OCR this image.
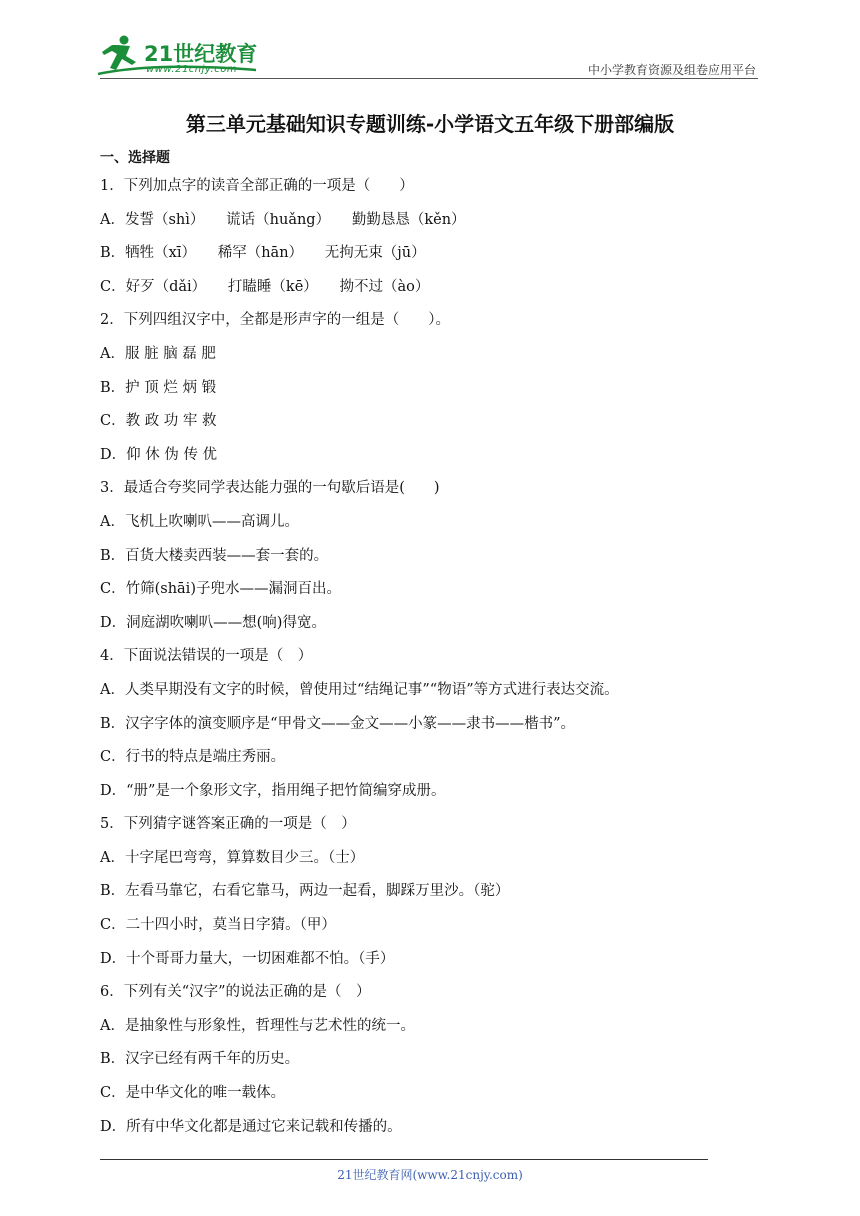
21世纪教育
www.21cnjy.com	中小学教育资源及组卷应用平台
第三单元基础知识专题训练-小学语文五年级下册部编版
一、选择题
1．下列加点字的读音全部正确的一项是（　　）
A．发誓（shì）　　谎话（huǎng）　　勤勤恳恳（kěn）
B．牺牲（xī）　　稀罕（hān）　　无拘无束（jū）
C．好歹（dǎi）　　打瞌睡（kē）　　拗不过（ào）
2．下列四组汉字中，全都是形声字的一组是（　　）。
A．服 脏 脑 磊 肥
B．护 顶 烂 炳 锻
C．教 政 功 牢 救
D．仰 休 伪 传 优
3．最适合夸奖同学表达能力强的一句歇后语是(　　)
A．飞机上吹喇叭——高调儿。
B．百货大楼卖西装——套一套的。
C．竹筛(shāi)子兜水——漏洞百出。
D．洞庭湖吹喇叭——想(响)得宽。
4．下面说法错误的一项是（　）
A．人类早期没有文字的时候，曾使用过“结绳记事”“物语”等方式进行表达交流。
B．汉字字体的演变顺序是“甲骨文——金文——小篆——隶书——楷书”。
C．行书的特点是端庄秀丽。
D．“册”是一个象形文字，指用绳子把竹简编穿成册。
5．下列猜字谜答案正确的一项是（　）
A．十字尾巴弯弯，算算数目少三。（士）
B．左看马靠它，右看它靠马，两边一起看，脚踩万里沙。（驼）
C．二十四小时，莫当日字猜。（甲）
D．十个哥哥力量大，一切困难都不怕。（手）
6．下列有关“汉字”的说法正确的是（　）
A．是抽象性与形象性，哲理性与艺术性的统一。
B．汉字已经有两千年的历史。
C．是中华文化的唯一载体。
D．所有中华文化都是通过它来记载和传播的。
21世纪教育网(www.21cnjy.com)
